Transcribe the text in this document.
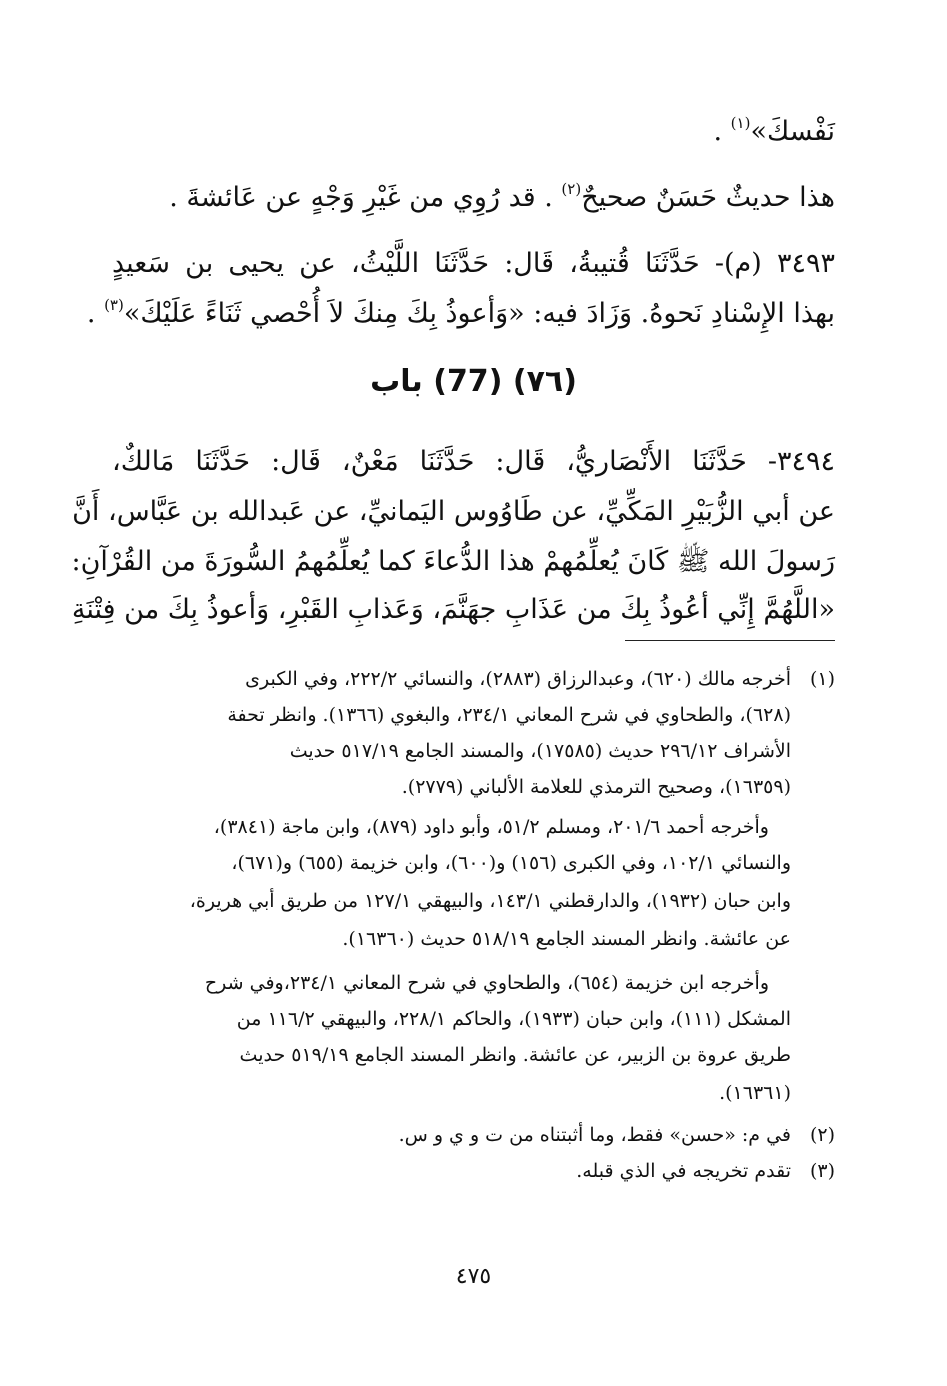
نَفْسكَ»$^{(١)}$ .
هذا حديثٌ حَسَنٌ صحيحٌ$^{(٢)}$ . قد رُوِي من غَيْرِ وَجْهٍ عن عَائشةَ .
٣٤٩٣ (م)- حَدَّثَنَا قُتيبةُ، قَال: حَدَّثَنَا اللَّيْثُ، عن يحيى بن سَعيدٍ
بهذا الإِسْنادِ نَحوهُ. وَزَادَ فيه: «وَأعوذُ بِكَ مِنكَ لاَ أُحْصي ثَنَاءً عَلَيْكَ»$^{(٣)}$ .
(٧٦) (77) باب
٣٤٩٤- حَدَّثَنَا الأَنْصَاريُّ، قَال: حَدَّثَنَا مَعْنٌ، قَال: حَدَّثَنَا مَالكٌ،
عن أبي الزُّبَيْرِ المَكِّيِّ، عن طَاوُوس اليَمانيِّ، عن عَبدالله بن عَبَّاس، أَنَّ
رَسولَ الله ﷺ كَانَ يُعلِّمُهمْ هذا الدُّعاءَ كما يُعلِّمُهمُ السُّورَةَ من القُرْآنِ:
«اللَّهُمَّ إِنِّي أعُوذُ بِكَ من عَذَابِ جهَنَّمَ، وَعَذابِ القَبْرِ، وَأعوذُ بِكَ من فِتْنَةِ
(١)أخرجه مالك (٦٢٠)، وعبدالرزاق (٢٨٨٣)، والنسائي ٢٢٢/٢، وفي الكبرى
(٦٢٨)، والطحاوي في شرح المعاني ٢٣٤/١، والبغوي (١٣٦٦). وانظر تحفة
الأشراف ٢٩٦/١٢ حديث (١٧٥٨٥)، والمسند الجامع ٥١٧/١٩ حديث
(١٦٣٥٩)، وصحيح الترمذي للعلامة الألباني (٢٧٧٩).
وأخرجه أحمد ٢٠١/٦، ومسلم ٥١/٢، وأبو داود (٨٧٩)، وابن ماجة (٣٨٤١)،
والنسائي ١٠٢/١، وفي الكبرى (١٥٦) و(٦٠٠)، وابن خزيمة (٦٥٥) و(٦٧١)،
وابن حبان (١٩٣٢)، والدارقطني ١٤٣/١، والبيهقي ١٢٧/١ من طريق أبي هريرة،
عن عائشة. وانظر المسند الجامع ٥١٨/١٩ حديث (١٦٣٦٠).
وأخرجه ابن خزيمة (٦٥٤)، والطحاوي في شرح المعاني ٢٣٤/١،وفي شرح
المشكل (١١١)، وابن حبان (١٩٣٣)، والحاكم ٢٢٨/١، والبيهقي ١١٦/٢ من
طريق عروة بن الزبير، عن عائشة. وانظر المسند الجامع ٥١٩/١٩ حديث
(١٦٣٦١).
(٢)في م: «حسن» فقط، وما أثبتناه من ت و ي و س.
(٣)تقدم تخريجه في الذي قبله.
٤٧٥
